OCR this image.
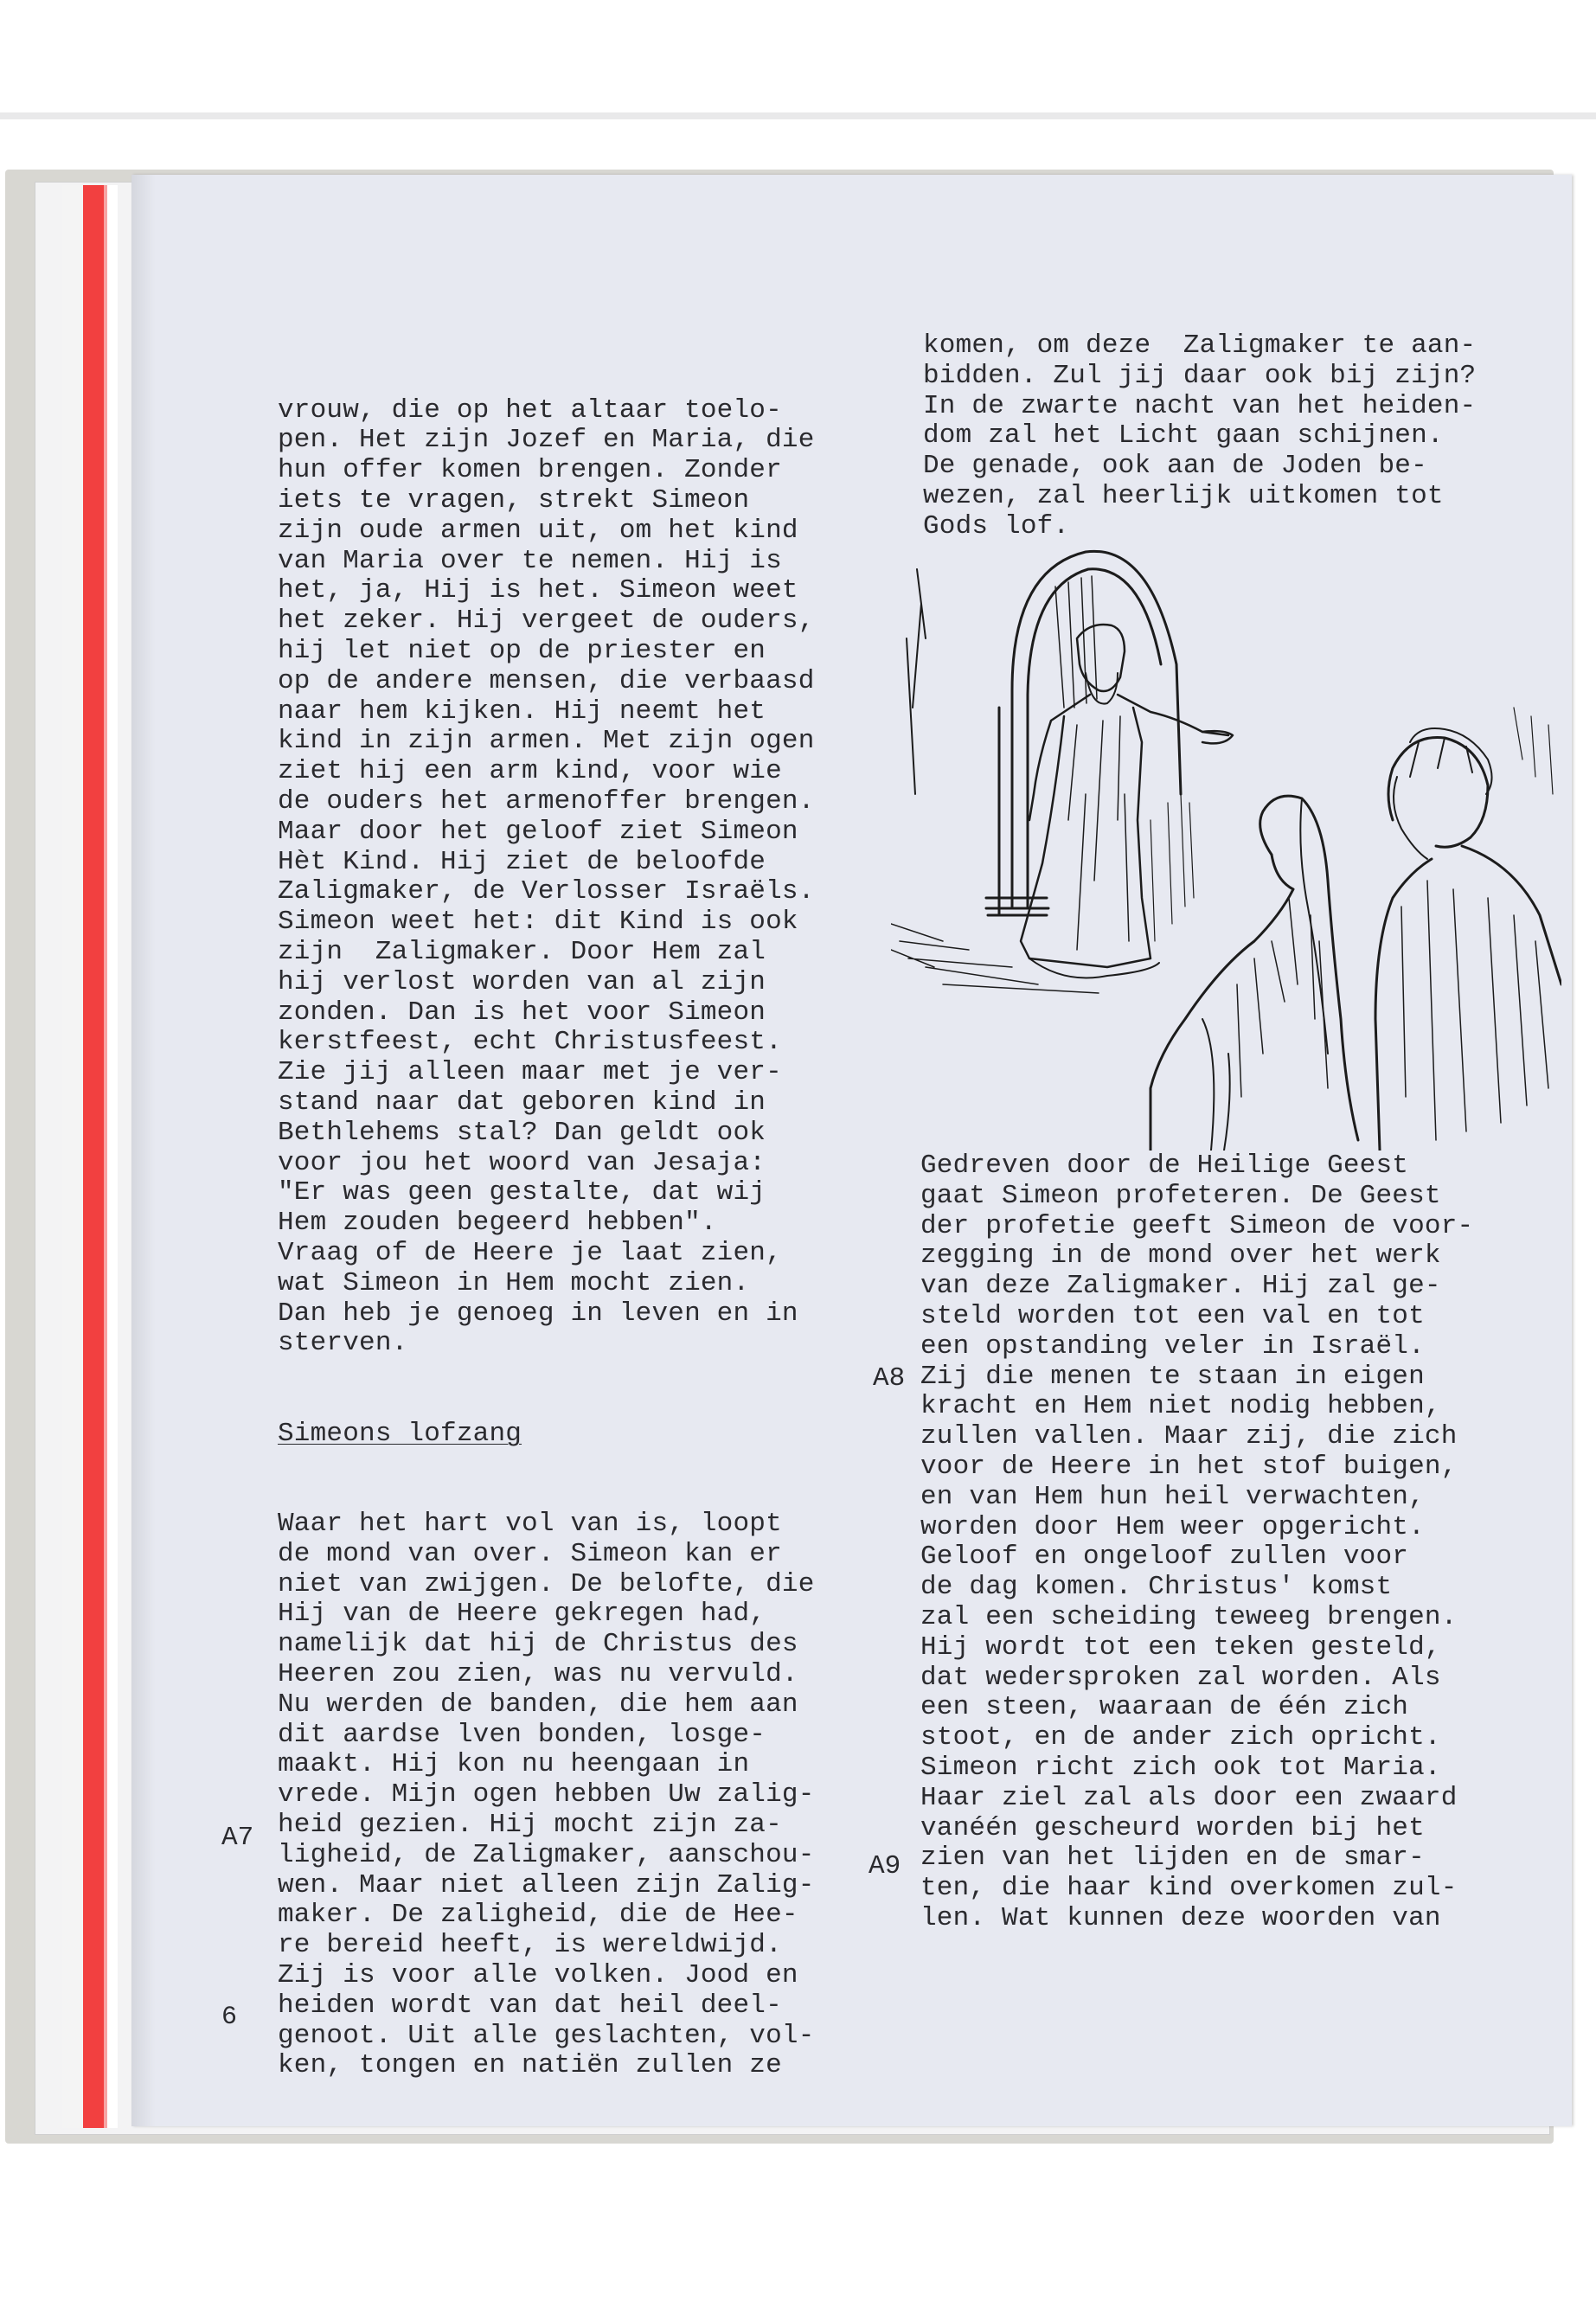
vrouw, die op het altaar toelo-
pen. Het zijn Jozef en Maria, die
hun offer komen brengen. Zonder
iets te vragen, strekt Simeon
zijn oude armen uit, om het kind
van Maria over te nemen. Hij is
het, ja, Hij is het. Simeon weet
het zeker. Hij vergeet de ouders,
hij let niet op de priester en
op de andere mensen, die verbaasd
naar hem kijken. Hij neemt het
kind in zijn armen. Met zijn ogen
ziet hij een arm kind, voor wie
de ouders het armenoffer brengen.
Maar door het geloof ziet Simeon
Hèt Kind. Hij ziet de beloofde
Zaligmaker, de Verlosser Israëls.
Simeon weet het: dit Kind is ook
zijn  Zaligmaker. Door Hem zal
hij verlost worden van al zijn
zonden. Dan is het voor Simeon
kerstfeest, echt Christusfeest.
Zie jij alleen maar met je ver-
stand naar dat geboren kind in
Bethlehems stal? Dan geldt ook
voor jou het woord van Jesaja:
"Er was geen gestalte, dat wij
Hem zouden begeerd hebben".
Vraag of de Heere je laat zien,
wat Simeon in Hem mocht zien.
Dan heb je genoeg in leven en in
sterven.

Simeons lofzang

Waar het hart vol van is, loopt
de mond van over. Simeon kan er
niet van zwijgen. De belofte, die
Hij van de Heere gekregen had,
namelijk dat hij de Christus des
Heeren zou zien, was nu vervuld.
Nu werden de banden, die hem aan
dit aardse lven bonden, losge-
maakt. Hij kon nu heengaan in
vrede. Mijn ogen hebben Uw zalig-
heid gezien. Hij mocht zijn za-
ligheid, de Zaligmaker, aanschou-
wen. Maar niet alleen zijn Zalig-
maker. De zaligheid, die de Hee-
re bereid heeft, is wereldwijd.
Zij is voor alle volken. Jood en
heiden wordt van dat heil deel-
genoot. Uit alle geslachten, vol-
ken, tongen en natiën zullen ze

komen, om deze  Zaligmaker te aan-
bidden. Zul jij daar ook bij zijn?
In de zwarte nacht van het heiden-
dom zal het Licht gaan schijnen.
De genade, ook aan de Joden be-
wezen, zal heerlijk uitkomen tot
Gods lof.
Gedreven door de Heilige Geest
gaat Simeon profeteren. De Geest
der profetie geeft Simeon de voor-
zegging in de mond over het werk
van deze Zaligmaker. Hij zal ge-
steld worden tot een val en tot
een opstanding veler in Israël.
Zij die menen te staan in eigen
kracht en Hem niet nodig hebben,
zullen vallen. Maar zij, die zich
voor de Heere in het stof buigen,
en van Hem hun heil verwachten,
worden door Hem weer opgericht.
Geloof en ongeloof zullen voor
de dag komen. Christus' komst
zal een scheiding teweeg brengen.
Hij wordt tot een teken gesteld,
dat wedersproken zal worden. Als
een steen, waaraan de één zich
stoot, en de ander zich opricht.
Simeon richt zich ook tot Maria.
Haar ziel zal als door een zwaard
vanéén gescheurd worden bij het
zien van het lijden en de smar-
ten, die haar kind overkomen zul-
len. Wat kunnen deze woorden van
A7
A8
A9
6
